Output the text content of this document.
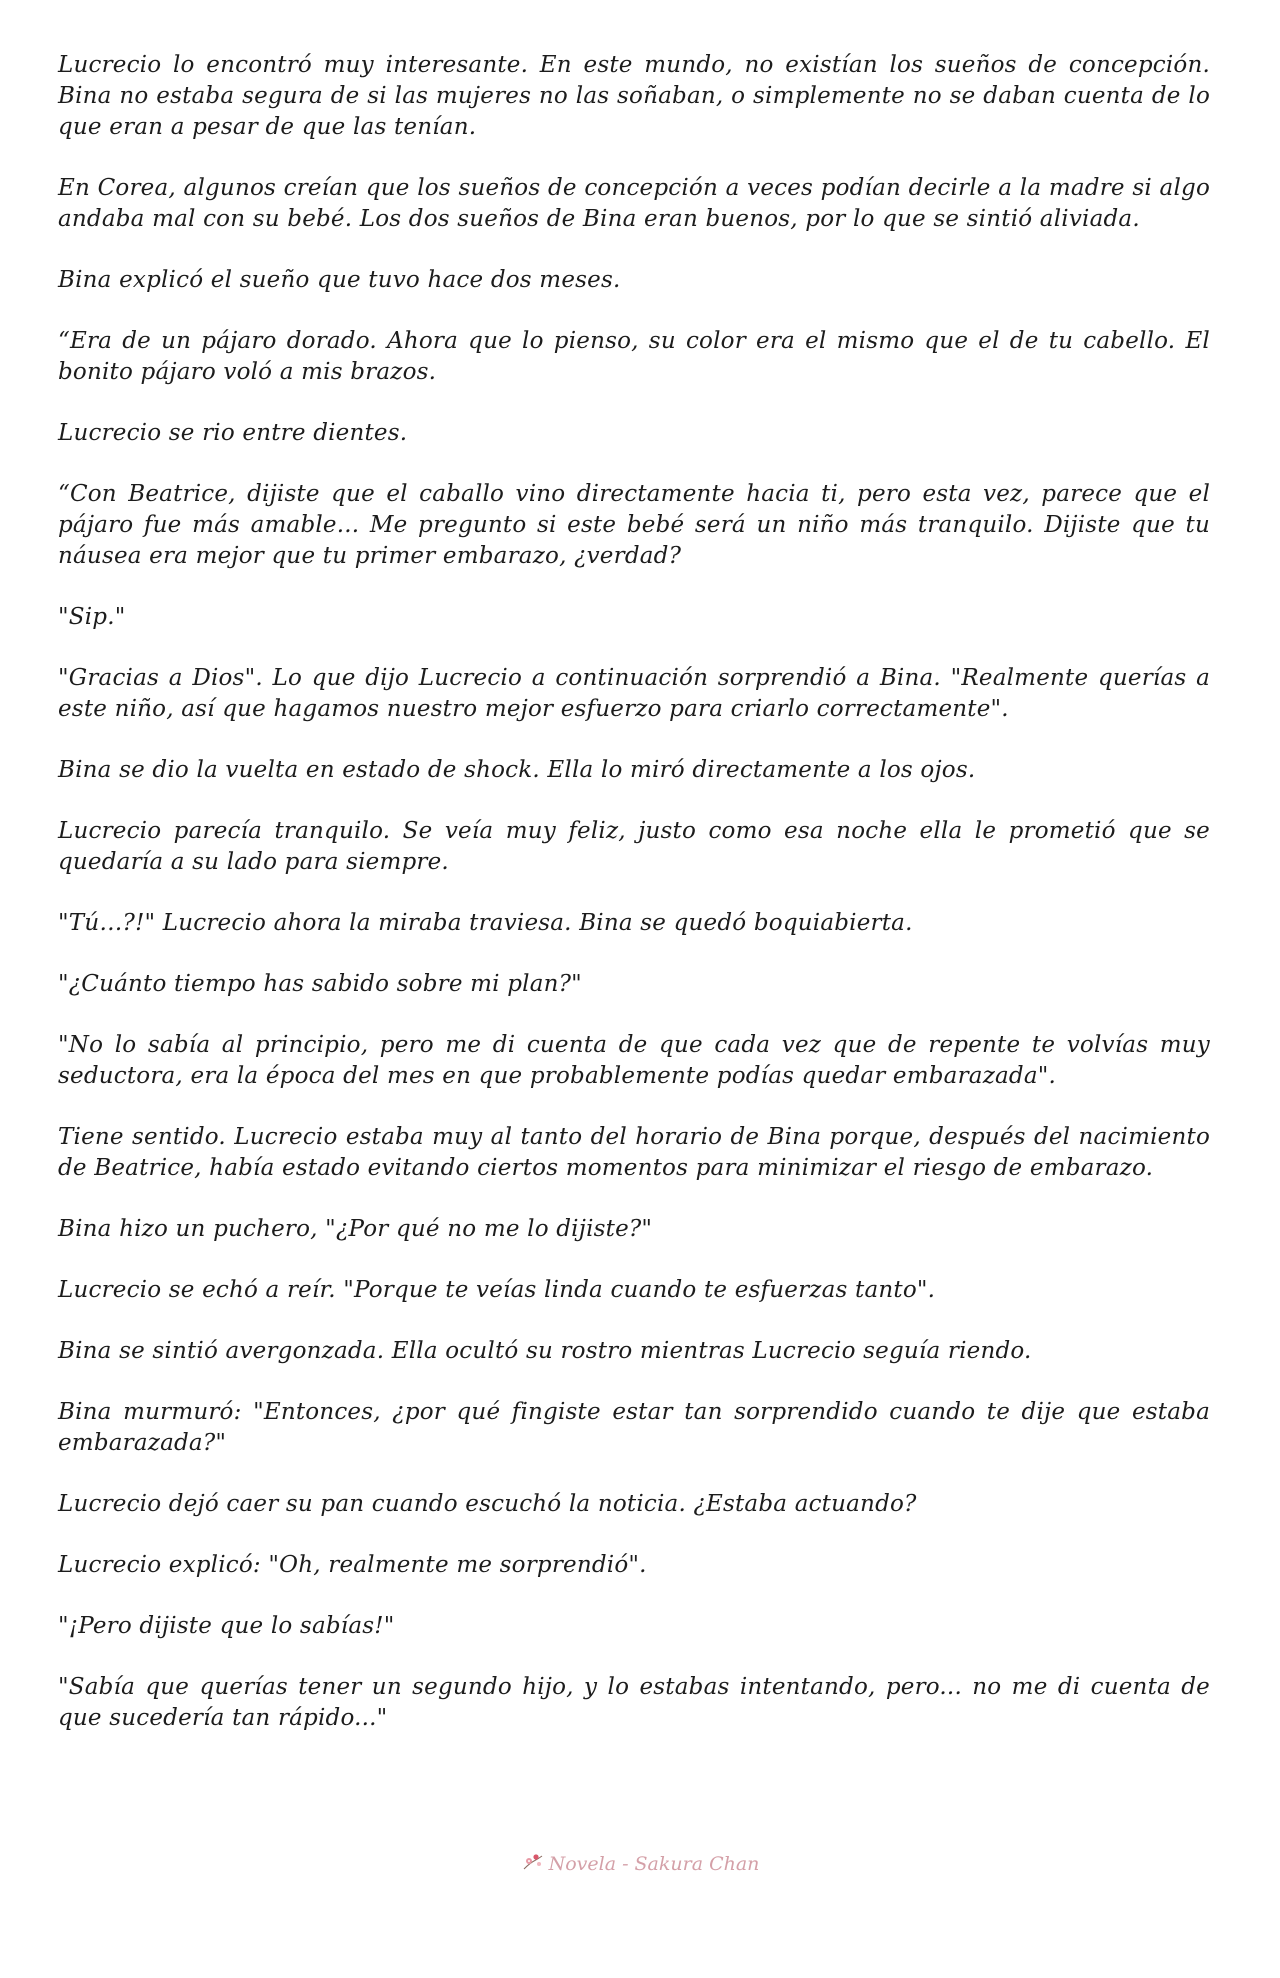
Lucrecio lo encontró muy interesante. En este mundo, no existían los sueños de concepción. Bina no estaba segura de si las mujeres no las soñaban, o simplemente no se daban cuenta de lo que eran a pesar de que las tenían.

En Corea, algunos creían que los sueños de concepción a veces podían decirle a la madre si algo andaba mal con su bebé. Los dos sueños de Bina eran buenos, por lo que se sintió aliviada.

Bina explicó el sueño que tuvo hace dos meses.

“Era de un pájaro dorado. Ahora que lo pienso, su color era el mismo que el de tu cabello. El bonito pájaro voló a mis brazos.

Lucrecio se rio entre dientes.

“Con Beatrice, dijiste que el caballo vino directamente hacia ti, pero esta vez, parece que el pájaro fue más amable... Me pregunto si este bebé será un niño más tranquilo. Dijiste que tu náusea era mejor que tu primer embarazo, ¿verdad?

"Sip."

"Gracias a Dios". Lo que dijo Lucrecio a continuación sorprendió a Bina. "Realmente querías a este niño, así que hagamos nuestro mejor esfuerzo para criarlo correctamente".

Bina se dio la vuelta en estado de shock. Ella lo miró directamente a los ojos.

Lucrecio parecía tranquilo. Se veía muy feliz, justo como esa noche ella le prometió que se quedaría a su lado para siempre.

"Tú…?!" Lucrecio ahora la miraba traviesa. Bina se quedó boquiabierta.

"¿Cuánto tiempo has sabido sobre mi plan?"

"No lo sabía al principio, pero me di cuenta de que cada vez que de repente te volvías muy seductora, era la época del mes en que probablemente podías quedar embarazada".

Tiene sentido. Lucrecio estaba muy al tanto del horario de Bina porque, después del nacimiento de Beatrice, había estado evitando ciertos momentos para minimizar el riesgo de embarazo.

Bina hizo un puchero, "¿Por qué no me lo dijiste?"

Lucrecio se echó a reír. "Porque te veías linda cuando te esfuerzas tanto".

Bina se sintió avergonzada. Ella ocultó su rostro mientras Lucrecio seguía riendo.

Bina murmuró: "Entonces, ¿por qué fingiste estar tan sorprendido cuando te dije que estaba embarazada?"

Lucrecio dejó caer su pan cuando escuchó la noticia. ¿Estaba actuando?

Lucrecio explicó: "Oh, realmente me sorprendió".

"¡Pero dijiste que lo sabías!"

"Sabía que querías tener un segundo hijo, y lo estabas intentando, pero... no me di cuenta de que sucedería tan rápido..."

Novela - Sakura Chan
